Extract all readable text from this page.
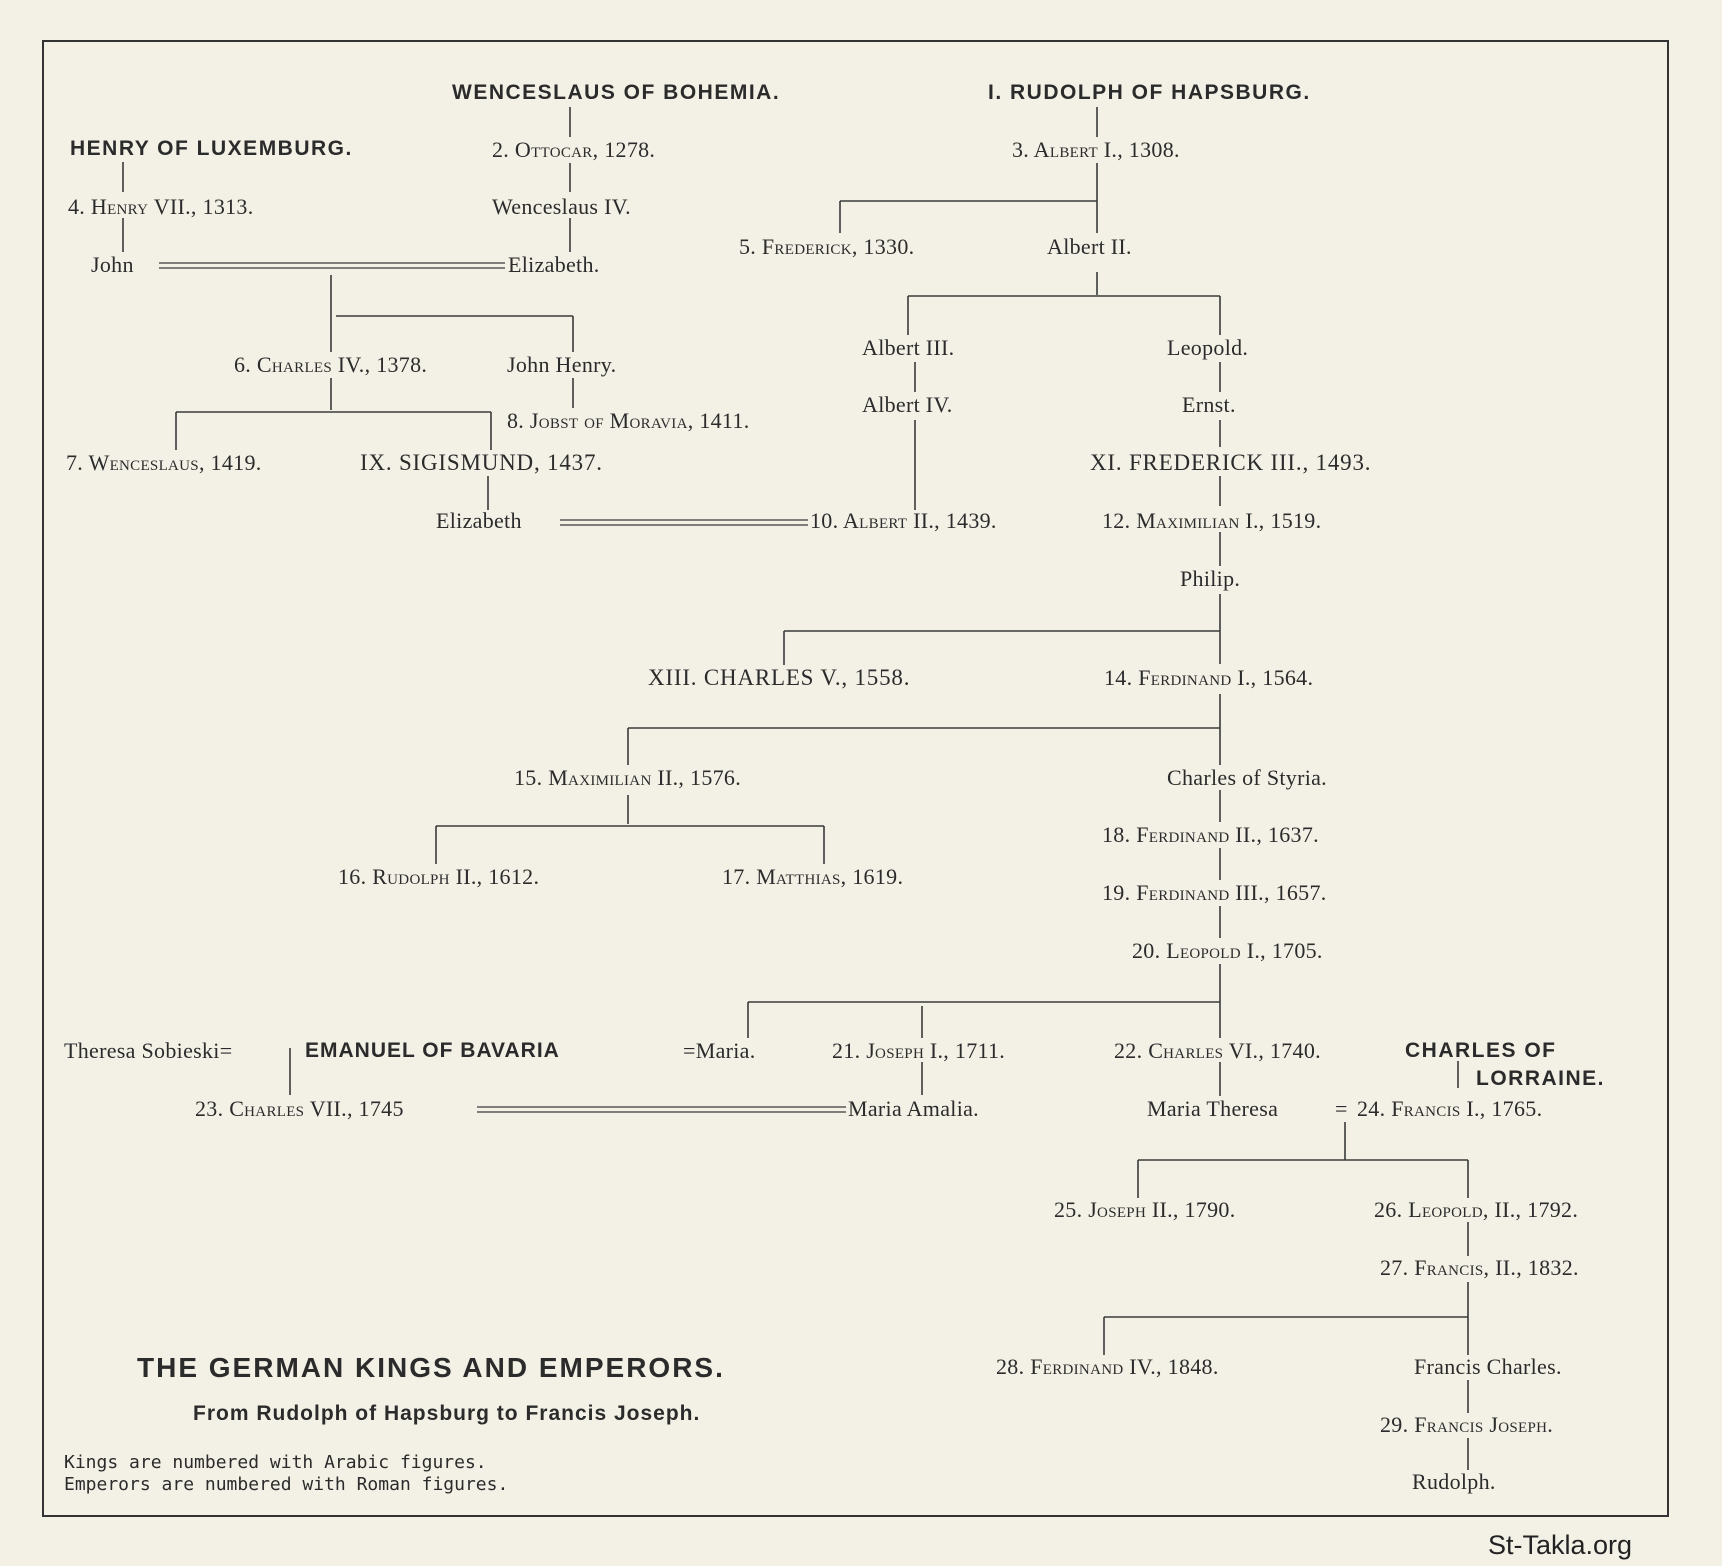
WENCESLAUS OF BOHEMIA.	I. RUDOLPH OF HAPSBURG.
HENRY OF LUXEMBURG.	2. Ottocar, 1278.	3. Albert I., 1308.
4. Henry VII., 1313.	Wenceslaus IV.
5. Frederick, 1330.	Albert II.
John	Elizabeth.
Albert III.	Leopold.
6. Charles IV., 1378.	John Henry.
Albert IV.	Ernst.
8. Jobst of Moravia, 1411.
7. Wenceslaus, 1419.	IX. SIGISMUND, 1437.	XI. FREDERICK III., 1493.
Elizabeth	10. Albert II., 1439.	12. Maximilian I., 1519.
Philip.
XIII. CHARLES V., 1558.	14. Ferdinand I., 1564.
15. Maximilian II., 1576.	Charles of Styria.
18. Ferdinand II., 1637.
16. Rudolph II., 1612.	17. Matthias, 1619.
19. Ferdinand III., 1657.
20. Leopold I., 1705.
Theresa Sobieski=	EMANUEL OF BAVARIA	=Maria.	21. Joseph I., 1711.	22. Charles VI., 1740.	CHARLES OF
LORRAINE.
23. Charles VII., 1745	Maria Amalia.	Maria Theresa	= 24. Francis I., 1765.
25. Joseph II., 1790.	26. Leopold, II., 1792.
27. Francis, II., 1832.
28. Ferdinand IV., 1848.	Francis Charles.
29. Francis Joseph.
Rudolph.
THE GERMAN KINGS AND EMPERORS.
From Rudolph of Hapsburg to Francis Joseph.
Kings are numbered with Arabic figures.
Emperors are numbered with Roman figures.
St-Takla.org
